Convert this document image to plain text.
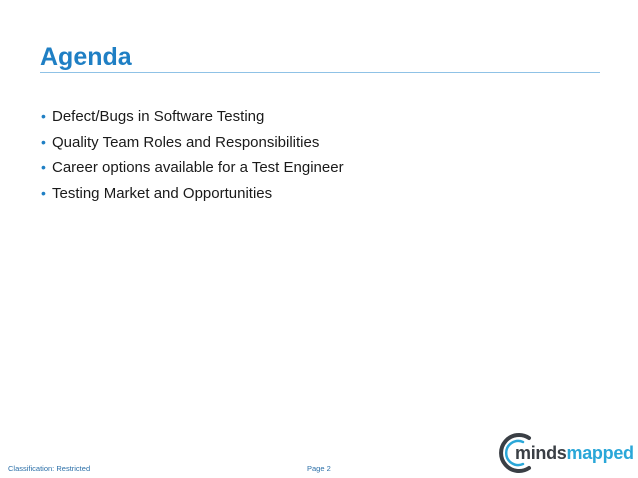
Agenda
• Defect/Bugs in Software Testing
• Quality Team Roles and Responsibilities
• Career options available for a Test Engineer
• Testing Market and Opportunities
Classification: Restricted	Page 2
mindsmapped
